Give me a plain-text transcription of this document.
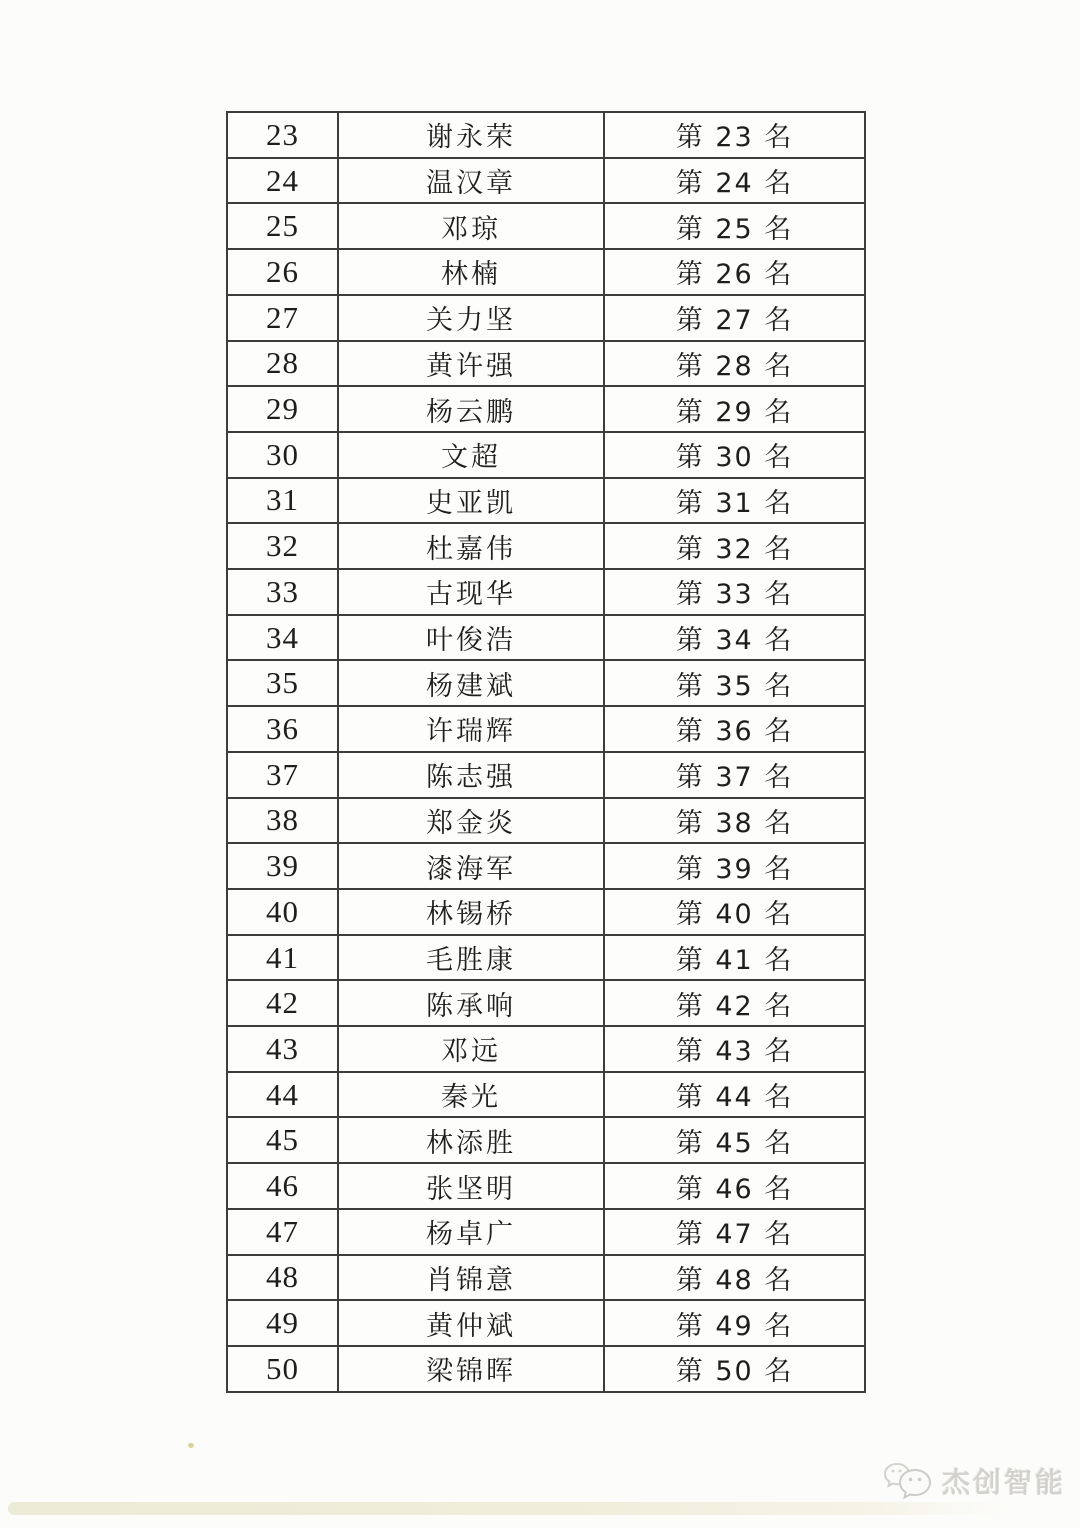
23	谢永荣	第 23 名
24	温汉章	第 24 名
25	邓琼	第 25 名
26	林楠	第 26 名
27	关力坚	第 27 名
28	黄许强	第 28 名
29	杨云鹏	第 29 名
30	文超	第 30 名
31	史亚凯	第 31 名
32	杜嘉伟	第 32 名
33	古现华	第 33 名
34	叶俊浩	第 34 名
35	杨建斌	第 35 名
36	许瑞辉	第 36 名
37	陈志强	第 37 名
38	郑金炎	第 38 名
39	漆海军	第 39 名
40	林锡桥	第 40 名
41	毛胜康	第 41 名
42	陈承响	第 42 名
43	邓远	第 43 名
44	秦光	第 44 名
45	林添胜	第 45 名
46	张坚明	第 46 名
47	杨卓广	第 47 名
48	肖锦意	第 48 名
49	黄仲斌	第 49 名
50	梁锦晖	第 50 名
杰创智能
